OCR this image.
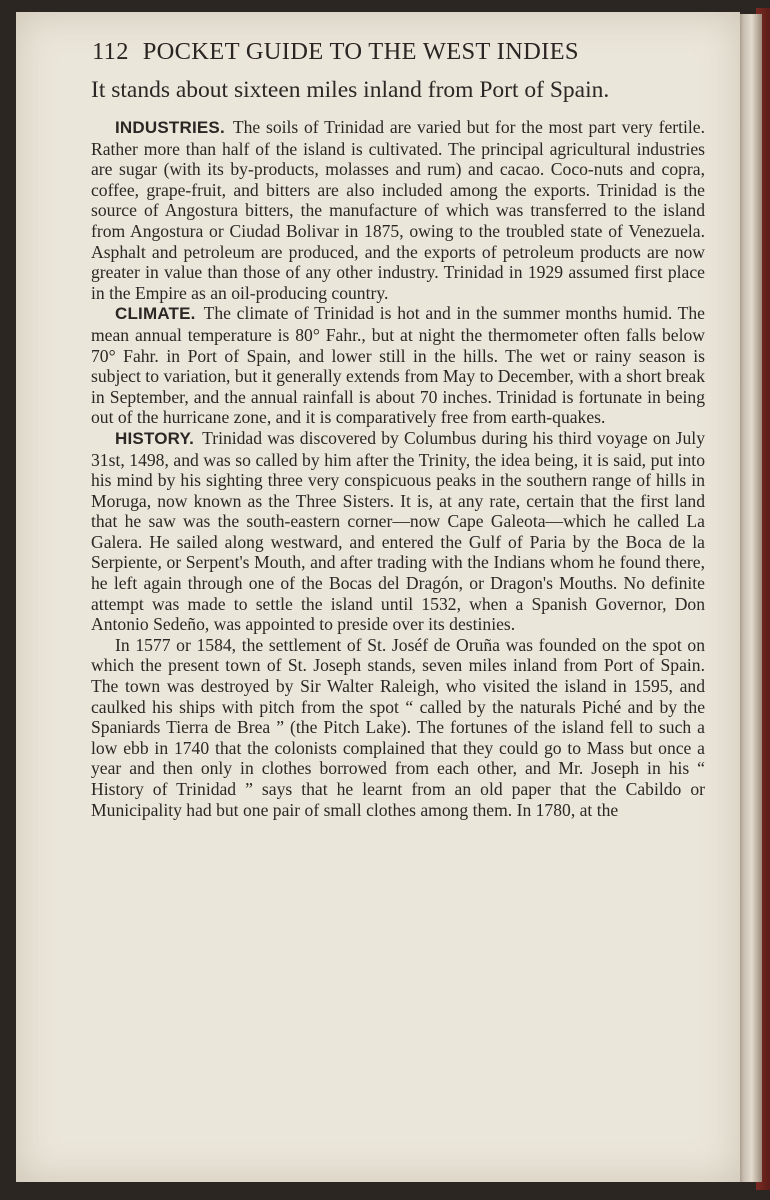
112 POCKET GUIDE TO THE WEST INDIES

It stands about sixteen miles inland from Port of Spain.

INDUSTRIES. The soils of Trinidad are varied but for the most part very fertile. Rather more than half of the island is cultivated. The principal agricultural industries are sugar (with its by-products, molasses and rum) and cacao. Coco-nuts and copra, coffee, grape-fruit, and bitters are also included among the exports. Trinidad is the source of Angostura bitters, the manufacture of which was transferred to the island from Angostura or Ciudad Bolivar in 1875, owing to the troubled state of Venezuela. Asphalt and petroleum are produced, and the exports of petroleum products are now greater in value than those of any other industry. Trinidad in 1929 assumed first place in the Empire as an oil-producing country.

CLIMATE. The climate of Trinidad is hot and in the summer months humid. The mean annual temperature is 80° Fahr., but at night the thermometer often falls below 70° Fahr. in Port of Spain, and lower still in the hills. The wet or rainy season is subject to variation, but it generally extends from May to December, with a short break in September, and the annual rainfall is about 70 inches. Trinidad is fortunate in being out of the hurricane zone, and it is comparatively free from earth-quakes.

HISTORY. Trinidad was discovered by Columbus during his third voyage on July 31st, 1498, and was so called by him after the Trinity, the idea being, it is said, put into his mind by his sighting three very conspicuous peaks in the southern range of hills in Moruga, now known as the Three Sisters. It is, at any rate, certain that the first land that he saw was the south-eastern corner—now Cape Galeota—which he called La Galera. He sailed along westward, and entered the Gulf of Paria by the Boca de la Serpiente, or Serpent's Mouth, and after trading with the Indians whom he found there, he left again through one of the Bocas del Dragón, or Dragon's Mouths. No definite attempt was made to settle the island until 1532, when a Spanish Governor, Don Antonio Sedeño, was appointed to preside over its destinies.

In 1577 or 1584, the settlement of St. Joséf de Oruña was founded on the spot on which the present town of St. Joseph stands, seven miles inland from Port of Spain. The town was destroyed by Sir Walter Raleigh, who visited the island in 1595, and caulked his ships with pitch from the spot “ called by the naturals Piché and by the Spaniards Tierra de Brea ” (the Pitch Lake). The fortunes of the island fell to such a low ebb in 1740 that the colonists complained that they could go to Mass but once a year and then only in clothes borrowed from each other, and Mr. Joseph in his “ History of Trinidad ” says that he learnt from an old paper that the Cabildo or Municipality had but one pair of small clothes among them. In 1780, at the
